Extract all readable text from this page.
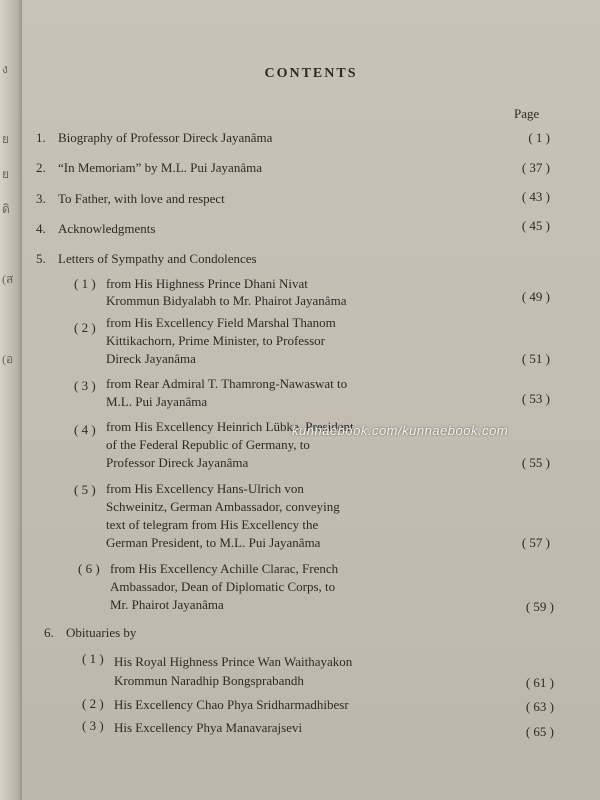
ง
ย
ย
ดิ
(ส
(อ
CONTENTS
Page
1. Biography of Professor Direck Jayanâma	( 1 )
2. “In Memoriam” by M.L. Pui Jayanâma	( 37 )
3. To Father, with love and respect	( 43 )
4. Acknowledgments	( 45 )
5. Letters of Sympathy and Condolences
( 1 ) from His Highness Prince Dhani Nivat
Krommun Bidyalabh to Mr. Phairot Jayanâma	( 49 )
( 2 ) from His Excellency Field Marshal Thanom
Kittikachorn, Prime Minister, to Professor
Direck Jayanâma	( 51 )
( 3 ) from Rear Admiral T. Thamrong-Nawaswat to
M.L. Pui Jayanâma	( 53 )
( 4 ) from His Excellency Heinrich Lübke, President
of the Federal Republic of Germany, to
Professor Direck Jayanâma	( 55 )
( 5 ) from His Excellency Hans-Ulrich von
Schweinitz, German Ambassador, conveying
text of telegram from His Excellency the
German President, to M.L. Pui Jayanâma	( 57 )
( 6 ) from His Excellency Achille Clarac, French
Ambassador, Dean of Diplomatic Corps, to
Mr. Phairot Jayanâma	( 59 )
6. Obituaries by
( 1 ) His Royal Highness Prince Wan Waithayakon
Krommun Naradhip Bongsprabandh	( 61 )
( 2 ) His Excellency Chao Phya Sridharmadhibesr	( 63 )
( 3 ) His Excellency Phya Manavarajsevi	( 65 )
kunnaebook.com/kunnaebook.com
